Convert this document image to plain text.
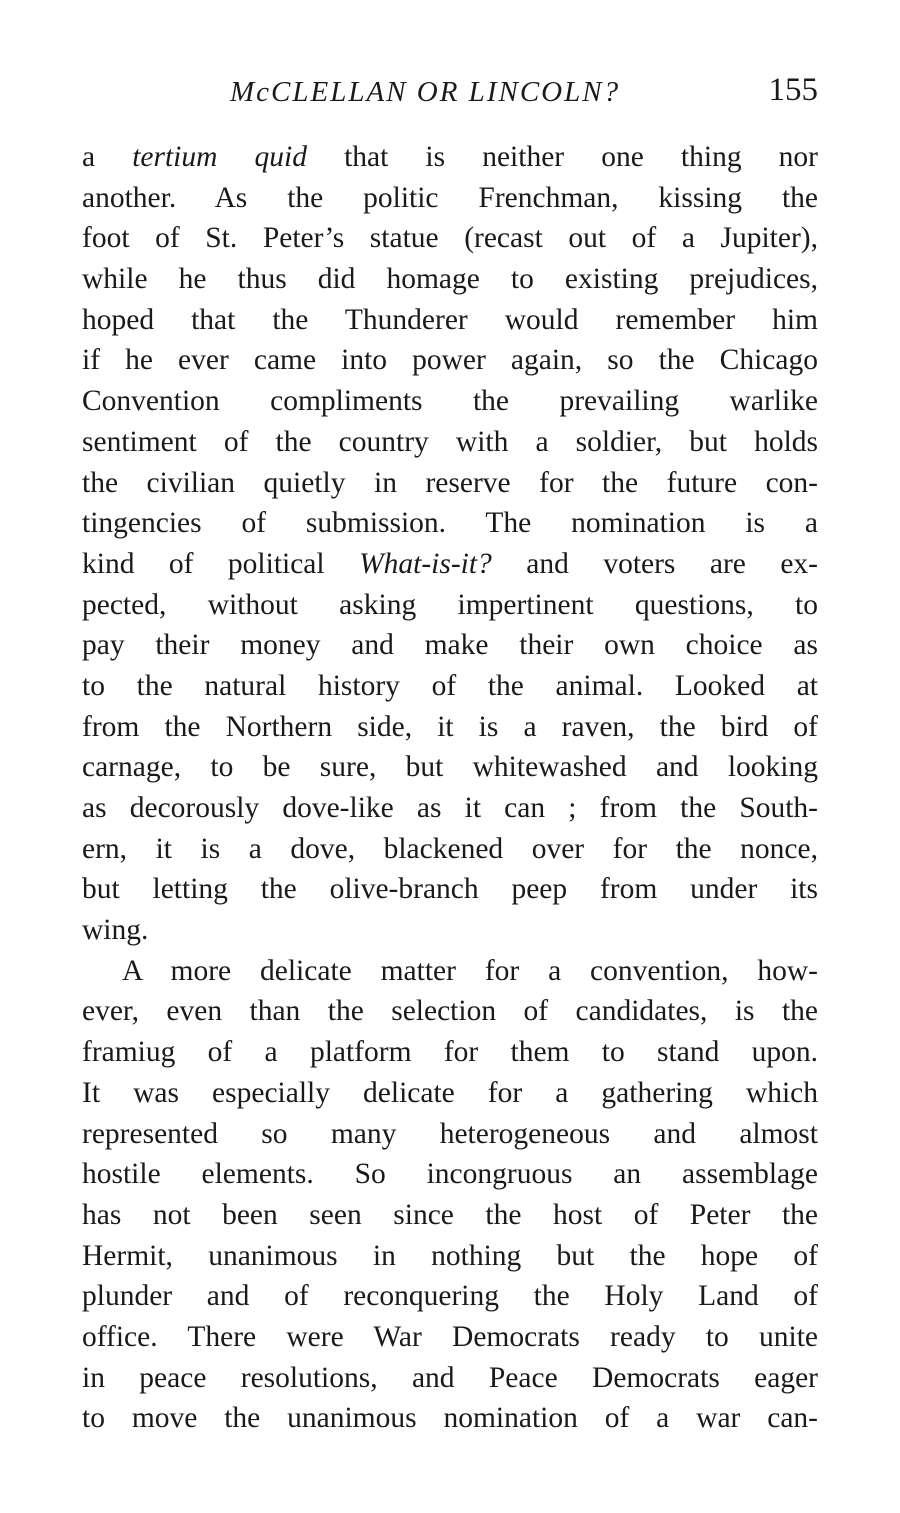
McCLELLAN OR LINCOLN?	155
a tertium quid that is neither one thing nor
another. As the politic Frenchman, kissing the
foot of St. Peter’s statue (recast out of a Jupiter),
while he thus did homage to existing prejudices,
hoped that the Thunderer would remember him
if he ever came into power again, so the Chicago
Convention compliments the prevailing warlike
sentiment of the country with a soldier, but holds
the civilian quietly in reserve for the future con-
tingencies of submission. The nomination is a
kind of political What-is-it? and voters are ex-
pected, without asking impertinent questions, to
pay their money and make their own choice as
to the natural history of the animal. Looked at
from the Northern side, it is a raven, the bird of
carnage, to be sure, but whitewashed and looking
as decorously dove-like as it can ; from the South-
ern, it is a dove, blackened over for the nonce,
but letting the olive-branch peep from under its
wing.
A more delicate matter for a convention, how-
ever, even than the selection of candidates, is the
framiug of a platform for them to stand upon.
It was especially delicate for a gathering which
represented so many heterogeneous and almost
hostile elements. So incongruous an assemblage
has not been seen since the host of Peter the
Hermit, unanimous in nothing but the hope of
plunder and of reconquering the Holy Land of
office. There were War Democrats ready to unite
in peace resolutions, and Peace Democrats eager
to move the unanimous nomination of a war can-
